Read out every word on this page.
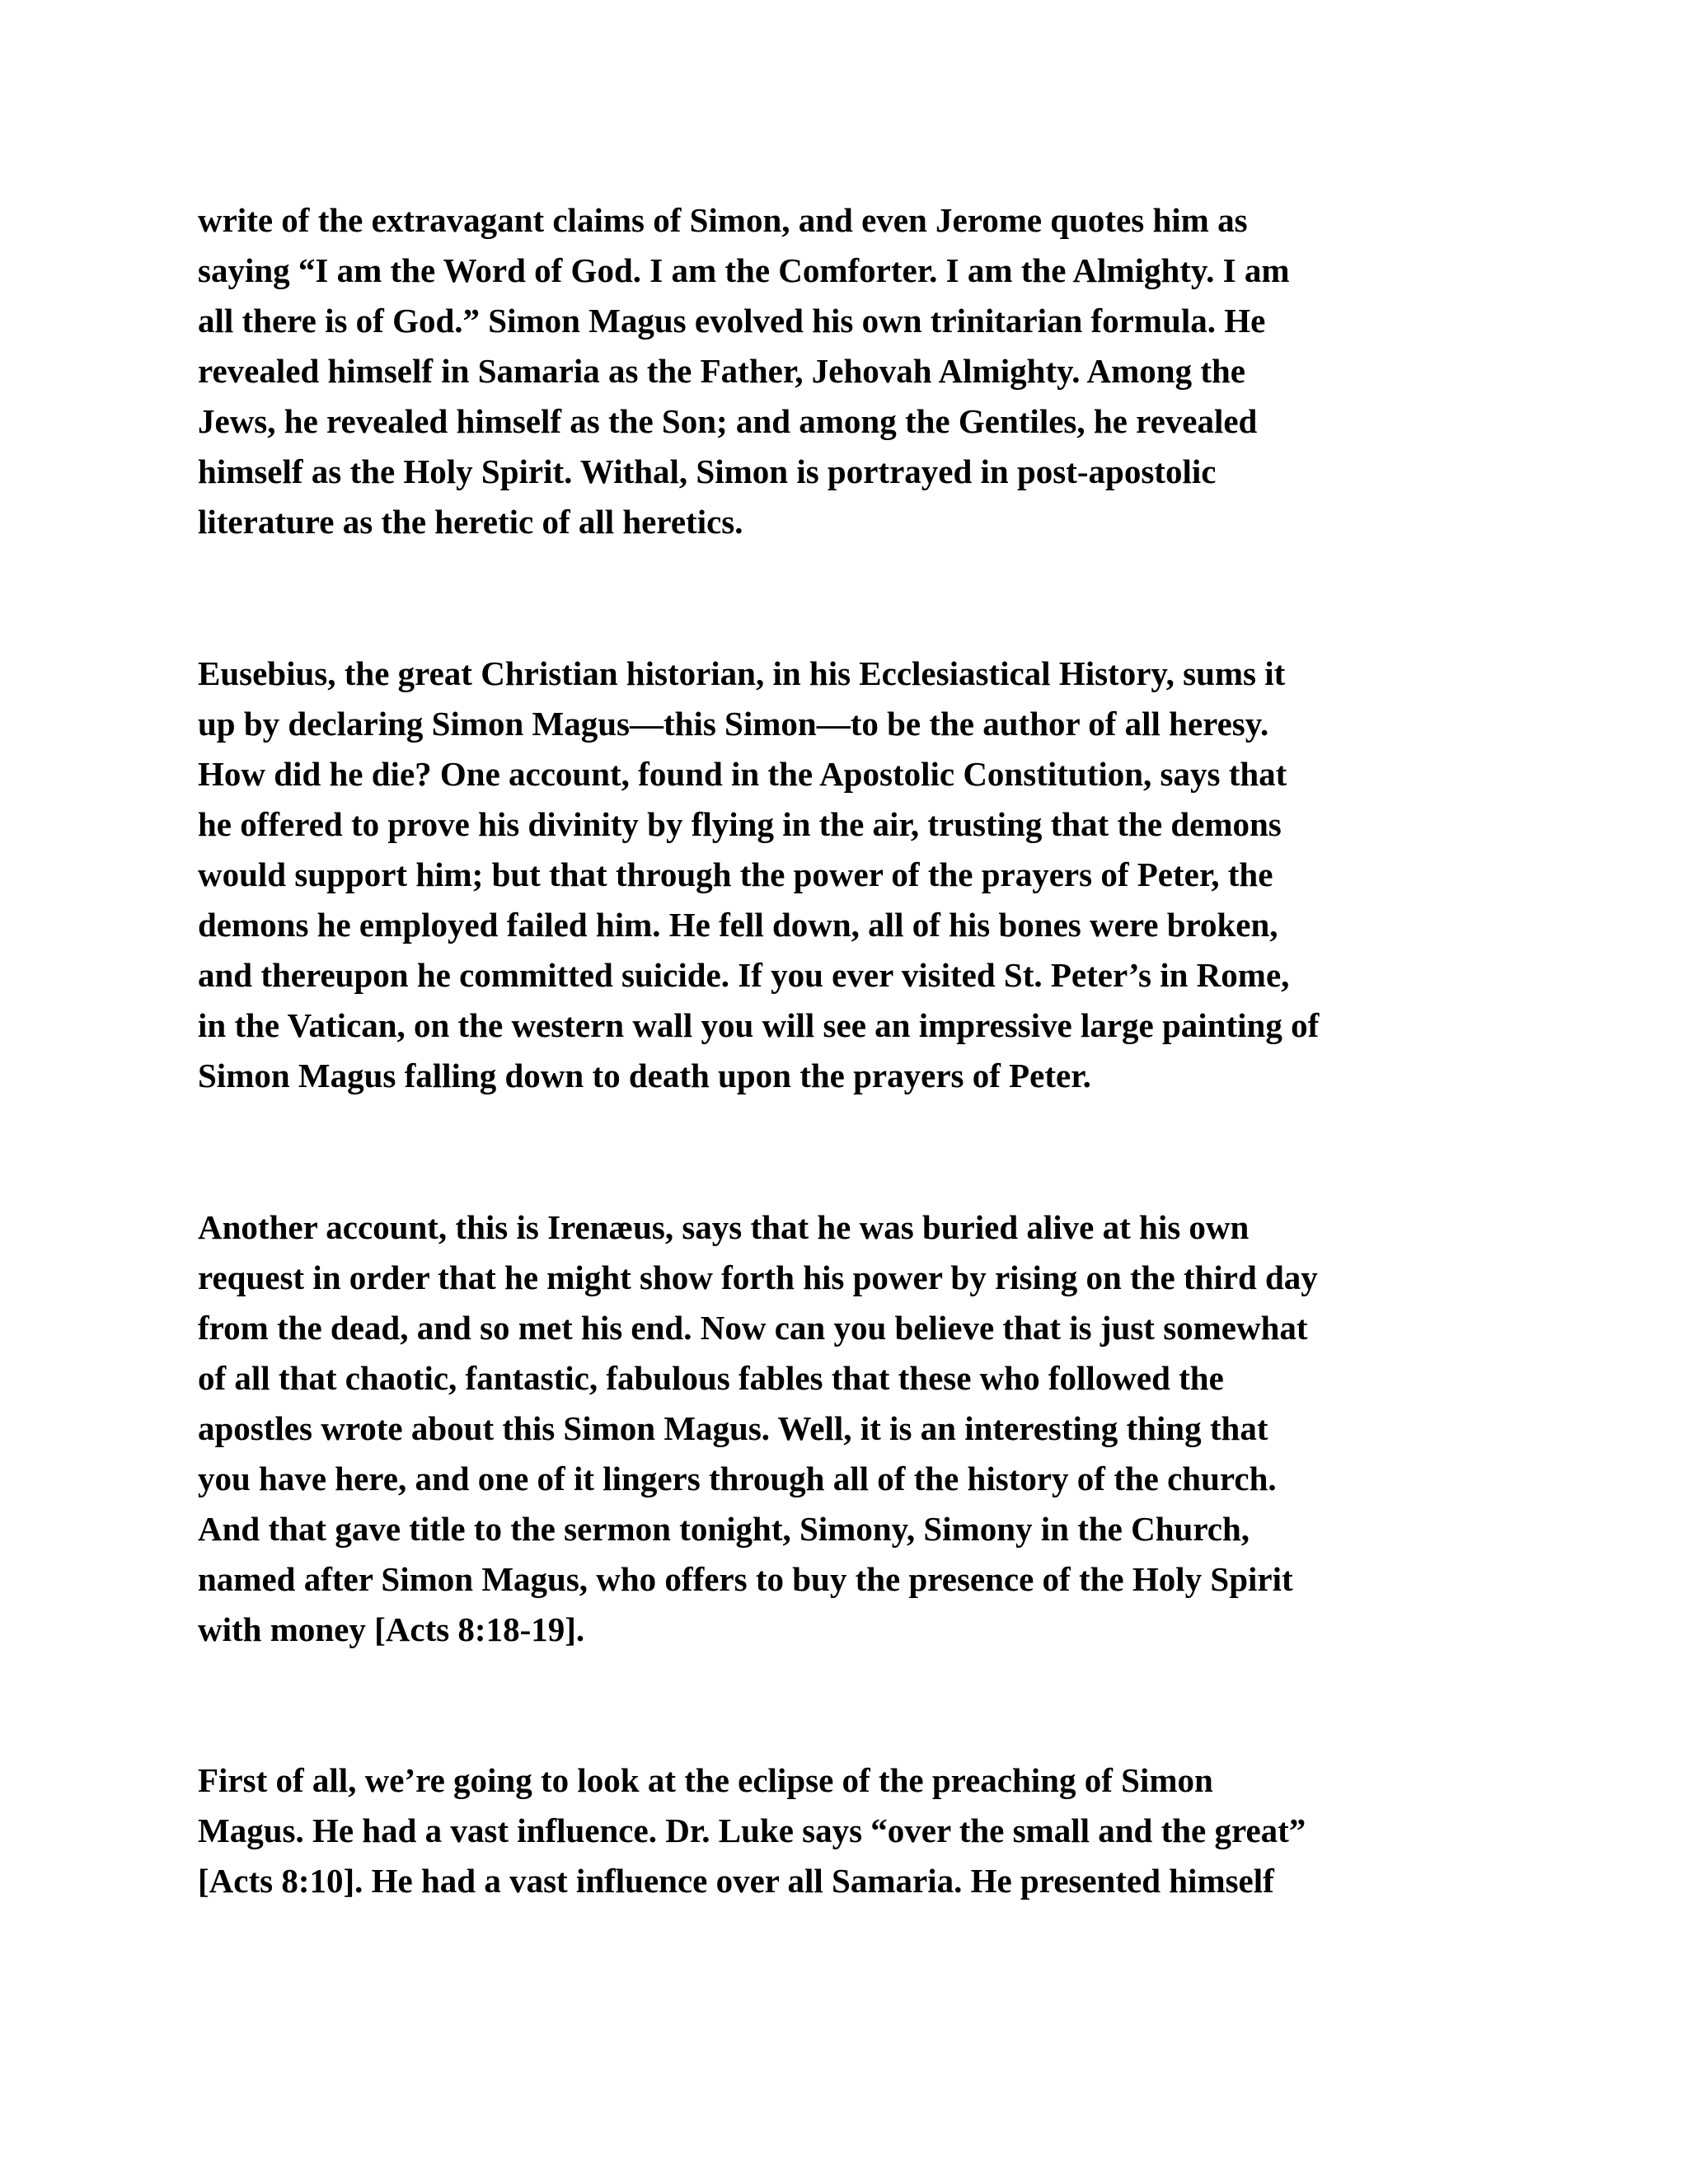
write of the extravagant claims of Simon, and even Jerome quotes him as
saying “I am the Word of God. I am the Comforter. I am the Almighty. I am
all there is of God.” Simon Magus evolved his own trinitarian formula. He
revealed himself in Samaria as the Father, Jehovah Almighty. Among the
Jews, he revealed himself as the Son; and among the Gentiles, he revealed
himself as the Holy Spirit. Withal, Simon is portrayed in post-apostolic
literature as the heretic of all heretics.

Eusebius, the great Christian historian, in his Ecclesiastical History, sums it
up by declaring Simon Magus—this Simon—to be the author of all heresy.
How did he die? One account, found in the Apostolic Constitution, says that
he offered to prove his divinity by flying in the air, trusting that the demons
would support him; but that through the power of the prayers of Peter, the
demons he employed failed him. He fell down, all of his bones were broken,
and thereupon he committed suicide. If you ever visited St. Peter’s in Rome,
in the Vatican, on the western wall you will see an impressive large painting of
Simon Magus falling down to death upon the prayers of Peter.

Another account, this is Irenæus, says that he was buried alive at his own
request in order that he might show forth his power by rising on the third day
from the dead, and so met his end. Now can you believe that is just somewhat
of all that chaotic, fantastic, fabulous fables that these who followed the
apostles wrote about this Simon Magus. Well, it is an interesting thing that
you have here, and one of it lingers through all of the history of the church.
And that gave title to the sermon tonight, Simony, Simony in the Church,
named after Simon Magus, who offers to buy the presence of the Holy Spirit
with money [Acts 8:18-19].

First of all, we’re going to look at the eclipse of the preaching of Simon
Magus. He had a vast influence. Dr. Luke says “over the small and the great”
[Acts 8:10]. He had a vast influence over all Samaria. He presented himself
